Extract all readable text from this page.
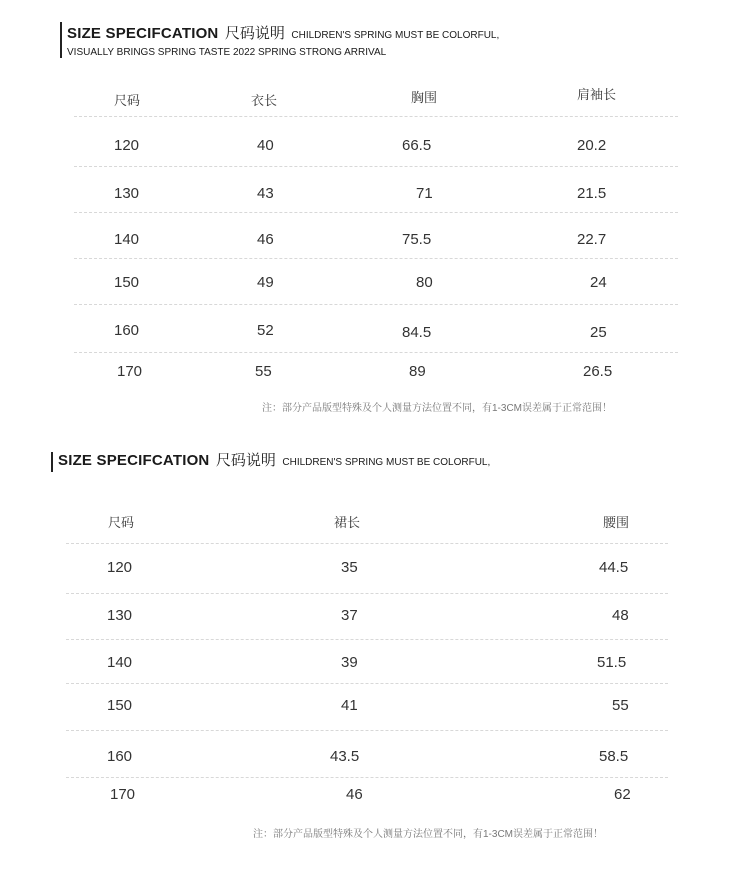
SIZE SPECIFCATION 尺码说明 CHILDREN'S SPRING MUST BE COLORFUL,
VISUALLY BRINGS SPRING TASTE 2022 SPRING STRONG ARRIVAL
尺码	衣长	胸围	肩袖长
120	40	66.5	20.2
130	43	71	21.5
140	46	75.5	22.7
150	49	80	24
160	52	84.5	25
170	55	89	26.5
注：部分产品版型特殊及个人测量方法位置不同，有1-3CM误差属于正常范围！
SIZE SPECIFCATION 尺码说明 CHILDREN'S SPRING MUST BE COLORFUL,
尺码	裙长	腰围
120	35	44.5
130	37	48
140	39	51.5
150	41	55
160	43.5	58.5
170	46	62
注：部分产品版型特殊及个人测量方法位置不同，有1-3CM误差属于正常范围！
